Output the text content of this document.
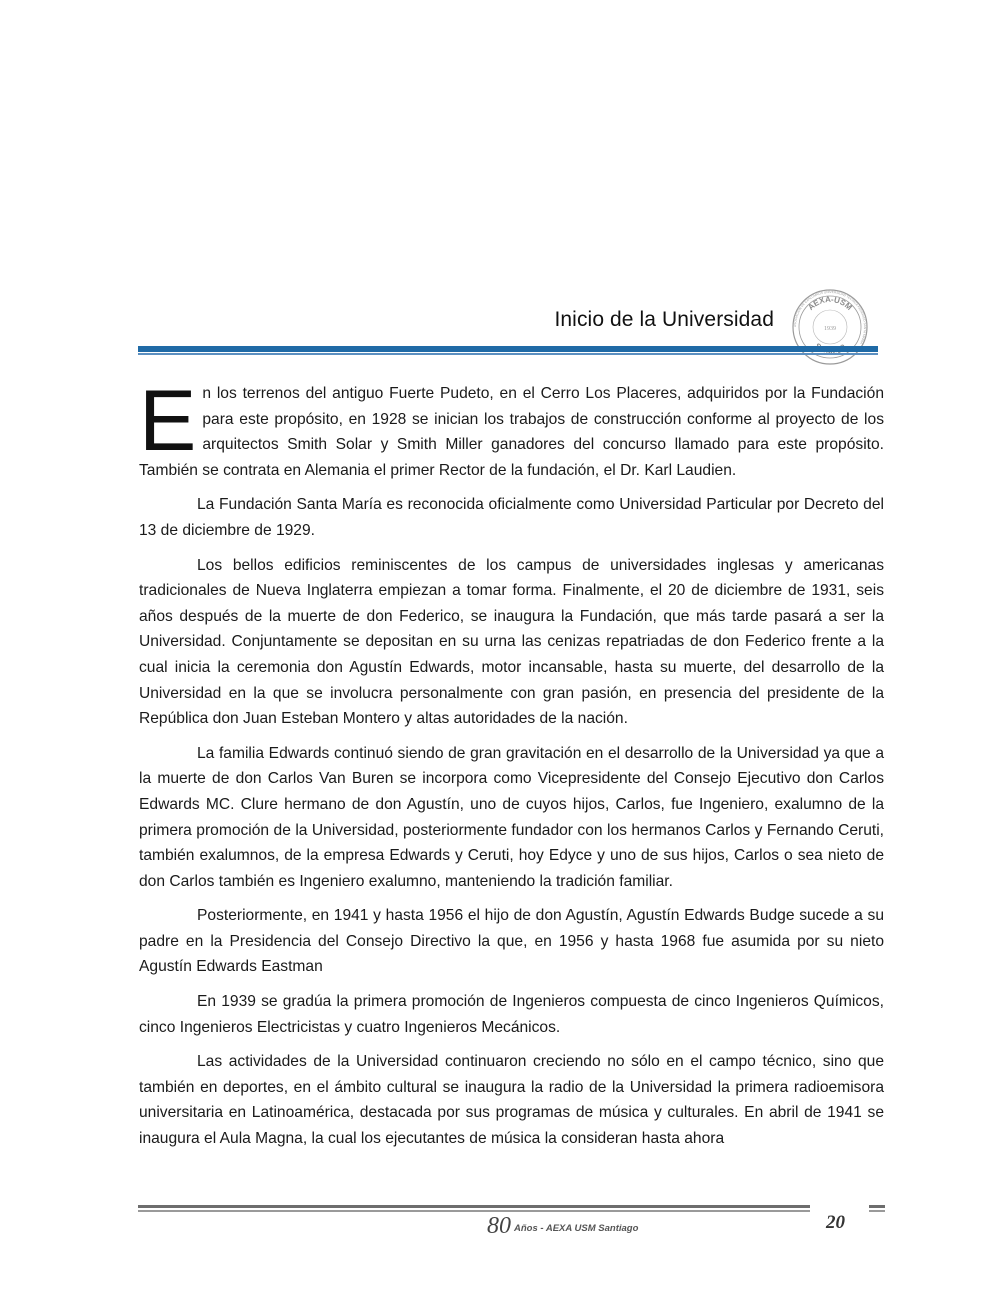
Inicio de la Universidad	ASOCIACIÓN DE EXALUMNOS UNIVERSIDAD TÉCNICA FEDERICO SANTA MARÍA
AEXA-USM
1939

En los terrenos del antiguo Fuerte Pudeto, en el Cerro Los Placeres, adquiridos por la Fundación para este propósito, en 1928 se inician los trabajos de construcción conforme al proyecto de los arquitectos Smith Solar y Smith Miller ganadores del concurso llamado para este propósito. También se contrata en Alemania el primer Rector de la fundación, el Dr. Karl Laudien.

La Fundación Santa María es reconocida oficialmente como Universidad Particular por Decreto del 13 de diciembre de 1929.

Los bellos edificios reminiscentes de los campus de universidades inglesas y americanas tradicionales de Nueva Inglaterra empiezan a tomar forma. Finalmente, el 20 de diciembre de 1931, seis años después de la muerte de don Federico, se inaugura la Fundación, que más tarde pasará a ser la Universidad. Conjuntamente se depositan en su urna las cenizas repatriadas de don Federico frente a la cual inicia la ceremonia don Agustín Edwards, motor incansable, hasta su muerte, del desarrollo de la Universidad en la que se involucra personalmente con gran pasión, en presencia del presidente de la República don Juan Esteban Montero y altas autoridades de la nación.

La familia Edwards continuó siendo de gran gravitación en el desarrollo de la Universidad ya que a la muerte de don Carlos Van Buren se incorpora como Vicepresidente del Consejo Ejecutivo don Carlos Edwards MC. Clure hermano de don Agustín, uno de cuyos hijos, Carlos, fue Ingeniero, exalumno de la primera promoción de la Universidad, posteriormente fundador con los hermanos Carlos y Fernando Ceruti, también exalumnos, de la empresa Edwards y Ceruti, hoy Edyce y uno de sus hijos, Carlos o sea nieto de don Carlos también es Ingeniero exalumno, manteniendo la tradición familiar.

Posteriormente, en 1941 y hasta 1956 el hijo de don Agustín, Agustín Edwards Budge sucede a su padre en la Presidencia del Consejo Directivo la que, en 1956 y hasta 1968 fue asumida por su nieto Agustín Edwards Eastman

En 1939 se gradúa la primera promoción de Ingenieros compuesta de cinco Ingenieros Químicos, cinco Ingenieros Electricistas y cuatro Ingenieros Mecánicos.

Las actividades de la Universidad continuaron creciendo no sólo en el campo técnico, sino que también en deportes, en el ámbito cultural se inaugura la radio de la Universidad la primera radioemisora universitaria en Latinoamérica, destacada por sus programas de música y culturales. En abril de 1941 se inaugura el Aula Magna, la cual los ejecutantes de música la consideran hasta ahora

80 Años - AEXA USM Santiago	20
